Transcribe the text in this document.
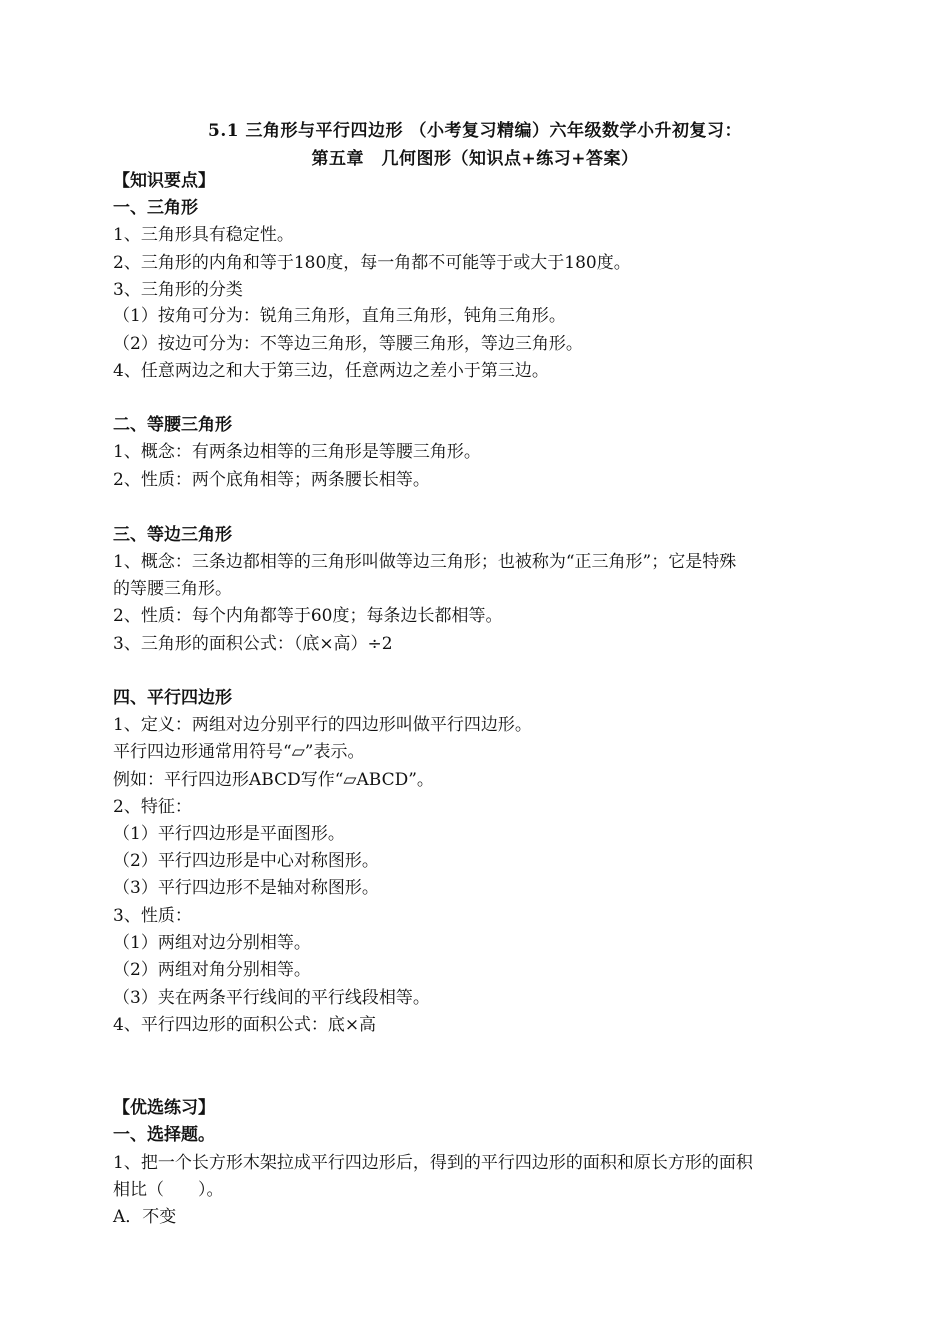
5.1 三角形与平行四边形 （小考复习精编）六年级数学小升初复习：
第五章　几何图形（知识点+练习+答案）
【知识要点】
一、三角形
1、三角形具有稳定性。
2、三角形的内角和等于180度，每一角都不可能等于或大于180度。
3、三角形的分类
（1）按角可分为：锐角三角形，直角三角形，钝角三角形。
（2）按边可分为：不等边三角形，等腰三角形，等边三角形。
4、任意两边之和大于第三边，任意两边之差小于第三边。
二、等腰三角形
1、概念：有两条边相等的三角形是等腰三角形。
2、性质：两个底角相等；两条腰长相等。
三、等边三角形
1、概念：三条边都相等的三角形叫做等边三角形；也被称为“正三角形”；它是特殊
的等腰三角形。
2、性质：每个内角都等于60度；每条边长都相等。
3、三角形的面积公式：（底×高）÷2
四、平行四边形
1、定义：两组对边分别平行的四边形叫做平行四边形。
平行四边形通常用符号“▱”表示。
例如：平行四边形ABCD写作“▱ABCD”。
2、特征：
（1）平行四边形是平面图形。
（2）平行四边形是中心对称图形。
（3）平行四边形不是轴对称图形。
3、性质：
（1）两组对边分别相等。
（2）两组对角分别相等。
（3）夹在两条平行线间的平行线段相等。
4、平行四边形的面积公式：底×高
【优选练习】
一、选择题。
1、把一个长方形木架拉成平行四边形后，得到的平行四边形的面积和原长方形的面积
相比（　　）。
A．不变
